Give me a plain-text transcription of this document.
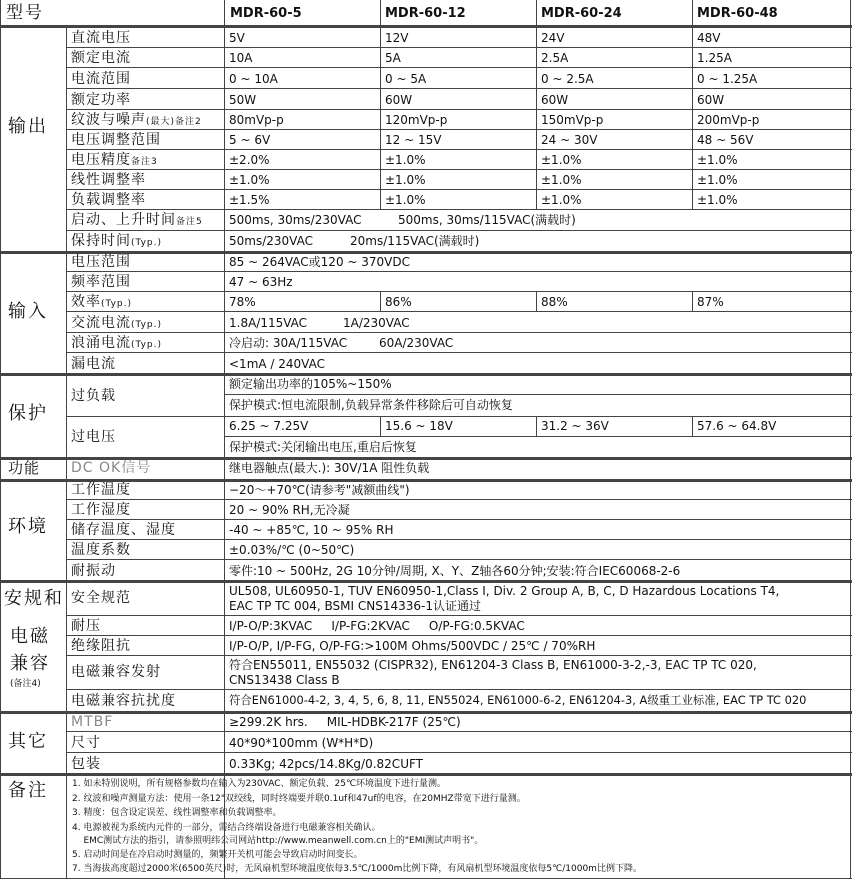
型号	MDR-60-5	MDR-60-12	MDR-60-24	MDR-60-48
输出
直流电压	5V	12V	24V	48V
额定电流	10A	5A	2.5A	1.25A
电流范围	0 ~ 10A	0 ~ 5A	0 ~ 2.5A	0 ~ 1.25A
额定功率	50W	60W	60W	60W
纹波与噪声(最大)备注2 80mVp-p	120mVp-p	150mVp-p	200mVp-p
电压调整范围	5 ~ 6V	12 ~ 15V	24 ~ 30V	48 ~ 56V
电压精度备注3	±2.0%	±1.0%	±1.0%	±1.0%
线性调整率	±1.0%	±1.0%	±1.0%	±1.0%
负载调整率	±1.5%	±1.0%	±1.0%	±1.0%
启动、上升时间备注5 500ms, 30ms/230VAC	500ms, 30ms/115VAC(满载时)
保持时间(Typ.)	50ms/230VAC	20ms/115VAC(满载时)
输入
电压范围	85 ~ 264VAC或120 ~ 370VDC
频率范围	47 ~ 63Hz
效率(Typ.)	78%	86%	88%	87%
交流电流(Typ.)	1.8A/115VAC	1A/230VAC
浪涌电流(Typ.)	冷启动: 30A/115VAC	60A/230VAC
漏电流	<1mA / 240VAC
保护
过负载
额定输出功率的105%~150%
保护模式:恒电流限制,负载异常条件移除后可自动恢复
过电压
6.25 ~ 7.25V	15.6 ~ 18V	31.2 ~ 36V	57.6 ~ 64.8V
保护模式:关闭输出电压,重启后恢复
功能 DC OK信号	继电器触点(最大.): 30V/1A 阻性负载
环境
工作温度	−20～+70℃(请参考"减额曲线")
工作湿度	20 ~ 90% RH,无冷凝
储存温度、湿度	-40 ~ +85℃, 10 ~ 95% RH
温度系数	±0.03%/℃ (0~50℃)
耐振动	零件:10 ~ 500Hz, 2G 10分钟/周期, X、Y、Z轴各60分钟;安装:符合IEC60068-2-6
安规和
电磁
兼容
(备注4)
安全规范	UL508, UL60950-1, TUV EN60950-1,Class I, Div. 2 Group A, B, C, D Hazardous Locations T4,
EAC TP TC 004, BSMI CNS14336-1认证通过
耐压	I/P-O/P:3KVAC     I/P-FG:2KVAC     O/P-FG:0.5KVAC
绝缘阻抗	I/P-O/P, I/P-FG, O/P-FG:>100M Ohms/500VDC / 25℃ / 70%RH
电磁兼容发射	符合EN55011, EN55032 (CISPR32), EN61204-3 Class B, EN61000-3-2,-3, EAC TP TC 020,
CNS13438 Class B
电磁兼容抗扰度	符合EN61000-4-2, 3, 4, 5, 6, 8, 11, EN55024, EN61000-6-2, EN61204-3, A级重工业标准, EAC TP TC 020
其它
MTBF	≥299.2K hrs.     MIL-HDBK-217F (25℃)
尺寸	40*90*100mm (W*H*D)
包装	0.33Kg; 42pcs/14.8Kg/0.82CUFT
备注	1. 如未特别说明，所有规格参数均在输入为230VAC、额定负载、25℃环境温度下进行量测。
2. 纹波和噪声测量方法：使用一条12"双绞线，同时终端要并联0.1uf和47uf的电容，在20MHZ带宽下进行量测。
3. 精度：包含设定误差、线性调整率和负载调整率。
4. 电源被视为系统内元件的一部分，需结合终端设备进行电磁兼容相关确认。
EMC测试方法的指引，请参照明纬公司网站http://www.meanwell.com.cn上的"EMI测试声明书"。
5. 启动时间是在冷启动时测量的，频繁开关机可能会导致启动时间变长。
7. 当海拔高度超过2000米(6500英尺)时，无风扇机型环境温度依每3.5℃/1000m比例下降，有风扇机型环境温度依每5℃/1000m比例下降。
